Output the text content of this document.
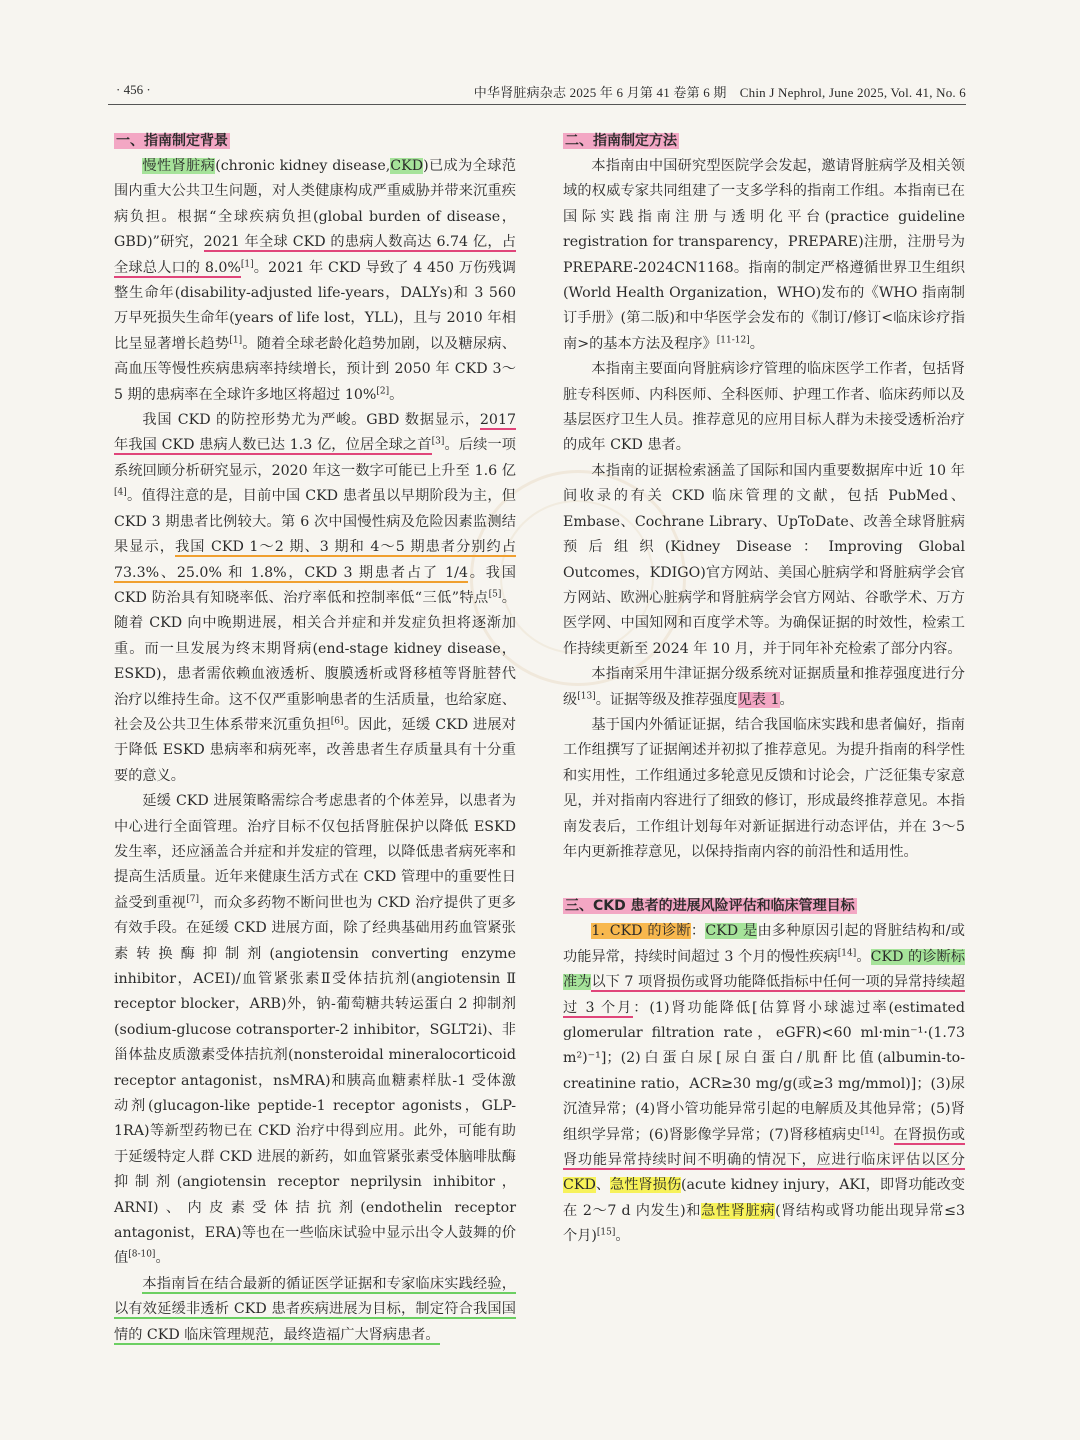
· 456 ·	中华肾脏病杂志 2025 年 6 月第 41 卷第 6 期　Chin J Nephrol, June 2025, Vol. 41, No. 6
一、指南制定背景

慢性肾脏病(chronic kidney disease,CKD)已成为全球范围内重大公共卫生问题，对人类健康构成严重威胁并带来沉重疾病负担。根据“全球疾病负担(global burden of disease，GBD)”研究，2021 年全球 CKD 的患病人数高达 6.74 亿，占全球总人口的 8.0%[1]。2021 年 CKD 导致了 4 450 万伤残调整生命年(disability-adjusted life-years，DALYs)和 3 560 万早死损失生命年(years of life lost，YLL)，且与 2010 年相比呈显著增长趋势[1]。随着全球老龄化趋势加剧，以及糖尿病、高血压等慢性疾病患病率持续增长，预计到 2050 年 CKD 3～5 期的患病率在全球许多地区将超过 10%[2]。

我国 CKD 的防控形势尤为严峻。GBD 数据显示，2017 年我国 CKD 患病人数已达 1.3 亿，位居全球之首[3]。后续一项系统回顾分析研究显示，2020 年这一数字可能已上升至 1.6 亿[4]。值得注意的是，目前中国 CKD 患者虽以早期阶段为主，但 CKD 3 期患者比例较大。第 6 次中国慢性病及危险因素监测结果显示，我国 CKD 1～2 期、3 期和 4～5 期患者分别约占 73.3%、25.0% 和 1.8%，CKD 3 期患者占了 1/4。我国 CKD 防治具有知晓率低、治疗率低和控制率低“三低”特点[5]。随着 CKD 向中晚期进展，相关合并症和并发症负担将逐渐加重。而一旦发展为终末期肾病(end-stage kidney disease，ESKD)，患者需依赖血液透析、腹膜透析或肾移植等肾脏替代治疗以维持生命。这不仅严重影响患者的生活质量，也给家庭、社会及公共卫生体系带来沉重负担[6]。因此，延缓 CKD 进展对于降低 ESKD 患病率和病死率，改善患者生存质量具有十分重要的意义。

延缓 CKD 进展策略需综合考虑患者的个体差异，以患者为中心进行全面管理。治疗目标不仅包括肾脏保护以降低 ESKD 发生率，还应涵盖合并症和并发症的管理，以降低患者病死率和提高生活质量。近年来健康生活方式在 CKD 管理中的重要性日益受到重视[7]，而众多药物不断问世也为 CKD 治疗提供了更多有效手段。在延缓 CKD 进展方面，除了经典基础用药血管紧张素转换酶抑制剂(angiotensin converting enzyme inhibitor，ACEI)/血管紧张素Ⅱ受体拮抗剂(angiotensin Ⅱ receptor blocker，ARB)外，钠-葡萄糖共转运蛋白 2 抑制剂(sodium-glucose cotransporter-2 inhibitor，SGLT2i)、非甾体盐皮质激素受体拮抗剂(nonsteroidal mineralocorticoid receptor antagonist，nsMRA)和胰高血糖素样肽-1 受体激动剂(glucagon-like peptide-1 receptor agonists，GLP-1RA)等新型药物已在 CKD 治疗中得到应用。此外，可能有助于延缓特定人群 CKD 进展的新药，如血管紧张素受体脑啡肽酶抑制剂(angiotensin receptor neprilysin inhibitor，ARNI)、内皮素受体拮抗剂(endothelin receptor antagonist，ERA)等也在一些临床试验中显示出令人鼓舞的价值[8-10]。

本指南旨在结合最新的循证医学证据和专家临床实践经验，以有效延缓非透析 CKD 患者疾病进展为目标，制定符合我国国情的 CKD 临床管理规范，最终造福广大肾病患者。

二、指南制定方法

本指南由中国研究型医院学会发起，邀请肾脏病学及相关领域的权威专家共同组建了一支多学科的指南工作组。本指南已在国际实践指南注册与透明化平台(practice guideline registration for transparency，PREPARE)注册，注册号为 PREPARE-2024CN1168。指南的制定严格遵循世界卫生组织(World Health Organization，WHO)发布的《WHO 指南制订手册》(第二版)和中华医学会发布的《制订/修订<临床诊疗指南>的基本方法及程序》[11-12]。

本指南主要面向肾脏病诊疗管理的临床医学工作者，包括肾脏专科医师、内科医师、全科医师、护理工作者、临床药师以及基层医疗卫生人员。推荐意见的应用目标人群为未接受透析治疗的成年 CKD 患者。

本指南的证据检索涵盖了国际和国内重要数据库中近 10 年间收录的有关 CKD 临床管理的文献，包括 PubMed、Embase、Cochrane Library、UpToDate、改善全球肾脏病预后组织(Kidney Disease：Improving Global Outcomes，KDIGO)官方网站、美国心脏病学和肾脏病学会官方网站、欧洲心脏病学和肾脏病学会官方网站、谷歌学术、万方医学网、中国知网和百度学术等。为确保证据的时效性，检索工作持续更新至 2024 年 10 月，并于同年补充检索了部分内容。

本指南采用牛津证据分级系统对证据质量和推荐强度进行分级[13]。证据等级及推荐强度见表 1。

基于国内外循证证据，结合我国临床实践和患者偏好，指南工作组撰写了证据阐述并初拟了推荐意见。为提升指南的科学性和实用性，工作组通过多轮意见反馈和讨论会，广泛征集专家意见，并对指南内容进行了细致的修订，形成最终推荐意见。本指南发表后，工作组计划每年对新证据进行动态评估，并在 3～5 年内更新推荐意见，以保持指南内容的前沿性和适用性。

三、CKD 患者的进展风险评估和临床管理目标

1. CKD 的诊断：CKD 是由多种原因引起的肾脏结构和/或功能异常，持续时间超过 3 个月的慢性疾病[14]。CKD 的诊断标准为以下 7 项肾损伤或肾功能降低指标中任何一项的异常持续超过 3 个月：(1)肾功能降低[估算肾小球滤过率(estimated glomerular filtration rate，eGFR)<60 ml·min⁻¹·(1.73 m²)⁻¹]；(2)白蛋白尿[尿白蛋白/肌酐比值(albumin-to-creatinine ratio，ACR≥30 mg/g(或≥3 mg/mmol)]；(3)尿沉渣异常；(4)肾小管功能异常引起的电解质及其他异常；(5)肾组织学异常；(6)肾影像学异常；(7)肾移植病史[14]。在肾损伤或肾功能异常持续时间不明确的情况下，应进行临床评估以区分CKD、急性肾损伤(acute kidney injury，AKI，即肾功能改变在 2～7 d 内发生)和急性肾脏病(肾结构或肾功能出现异常≤3 个月)[15]。
